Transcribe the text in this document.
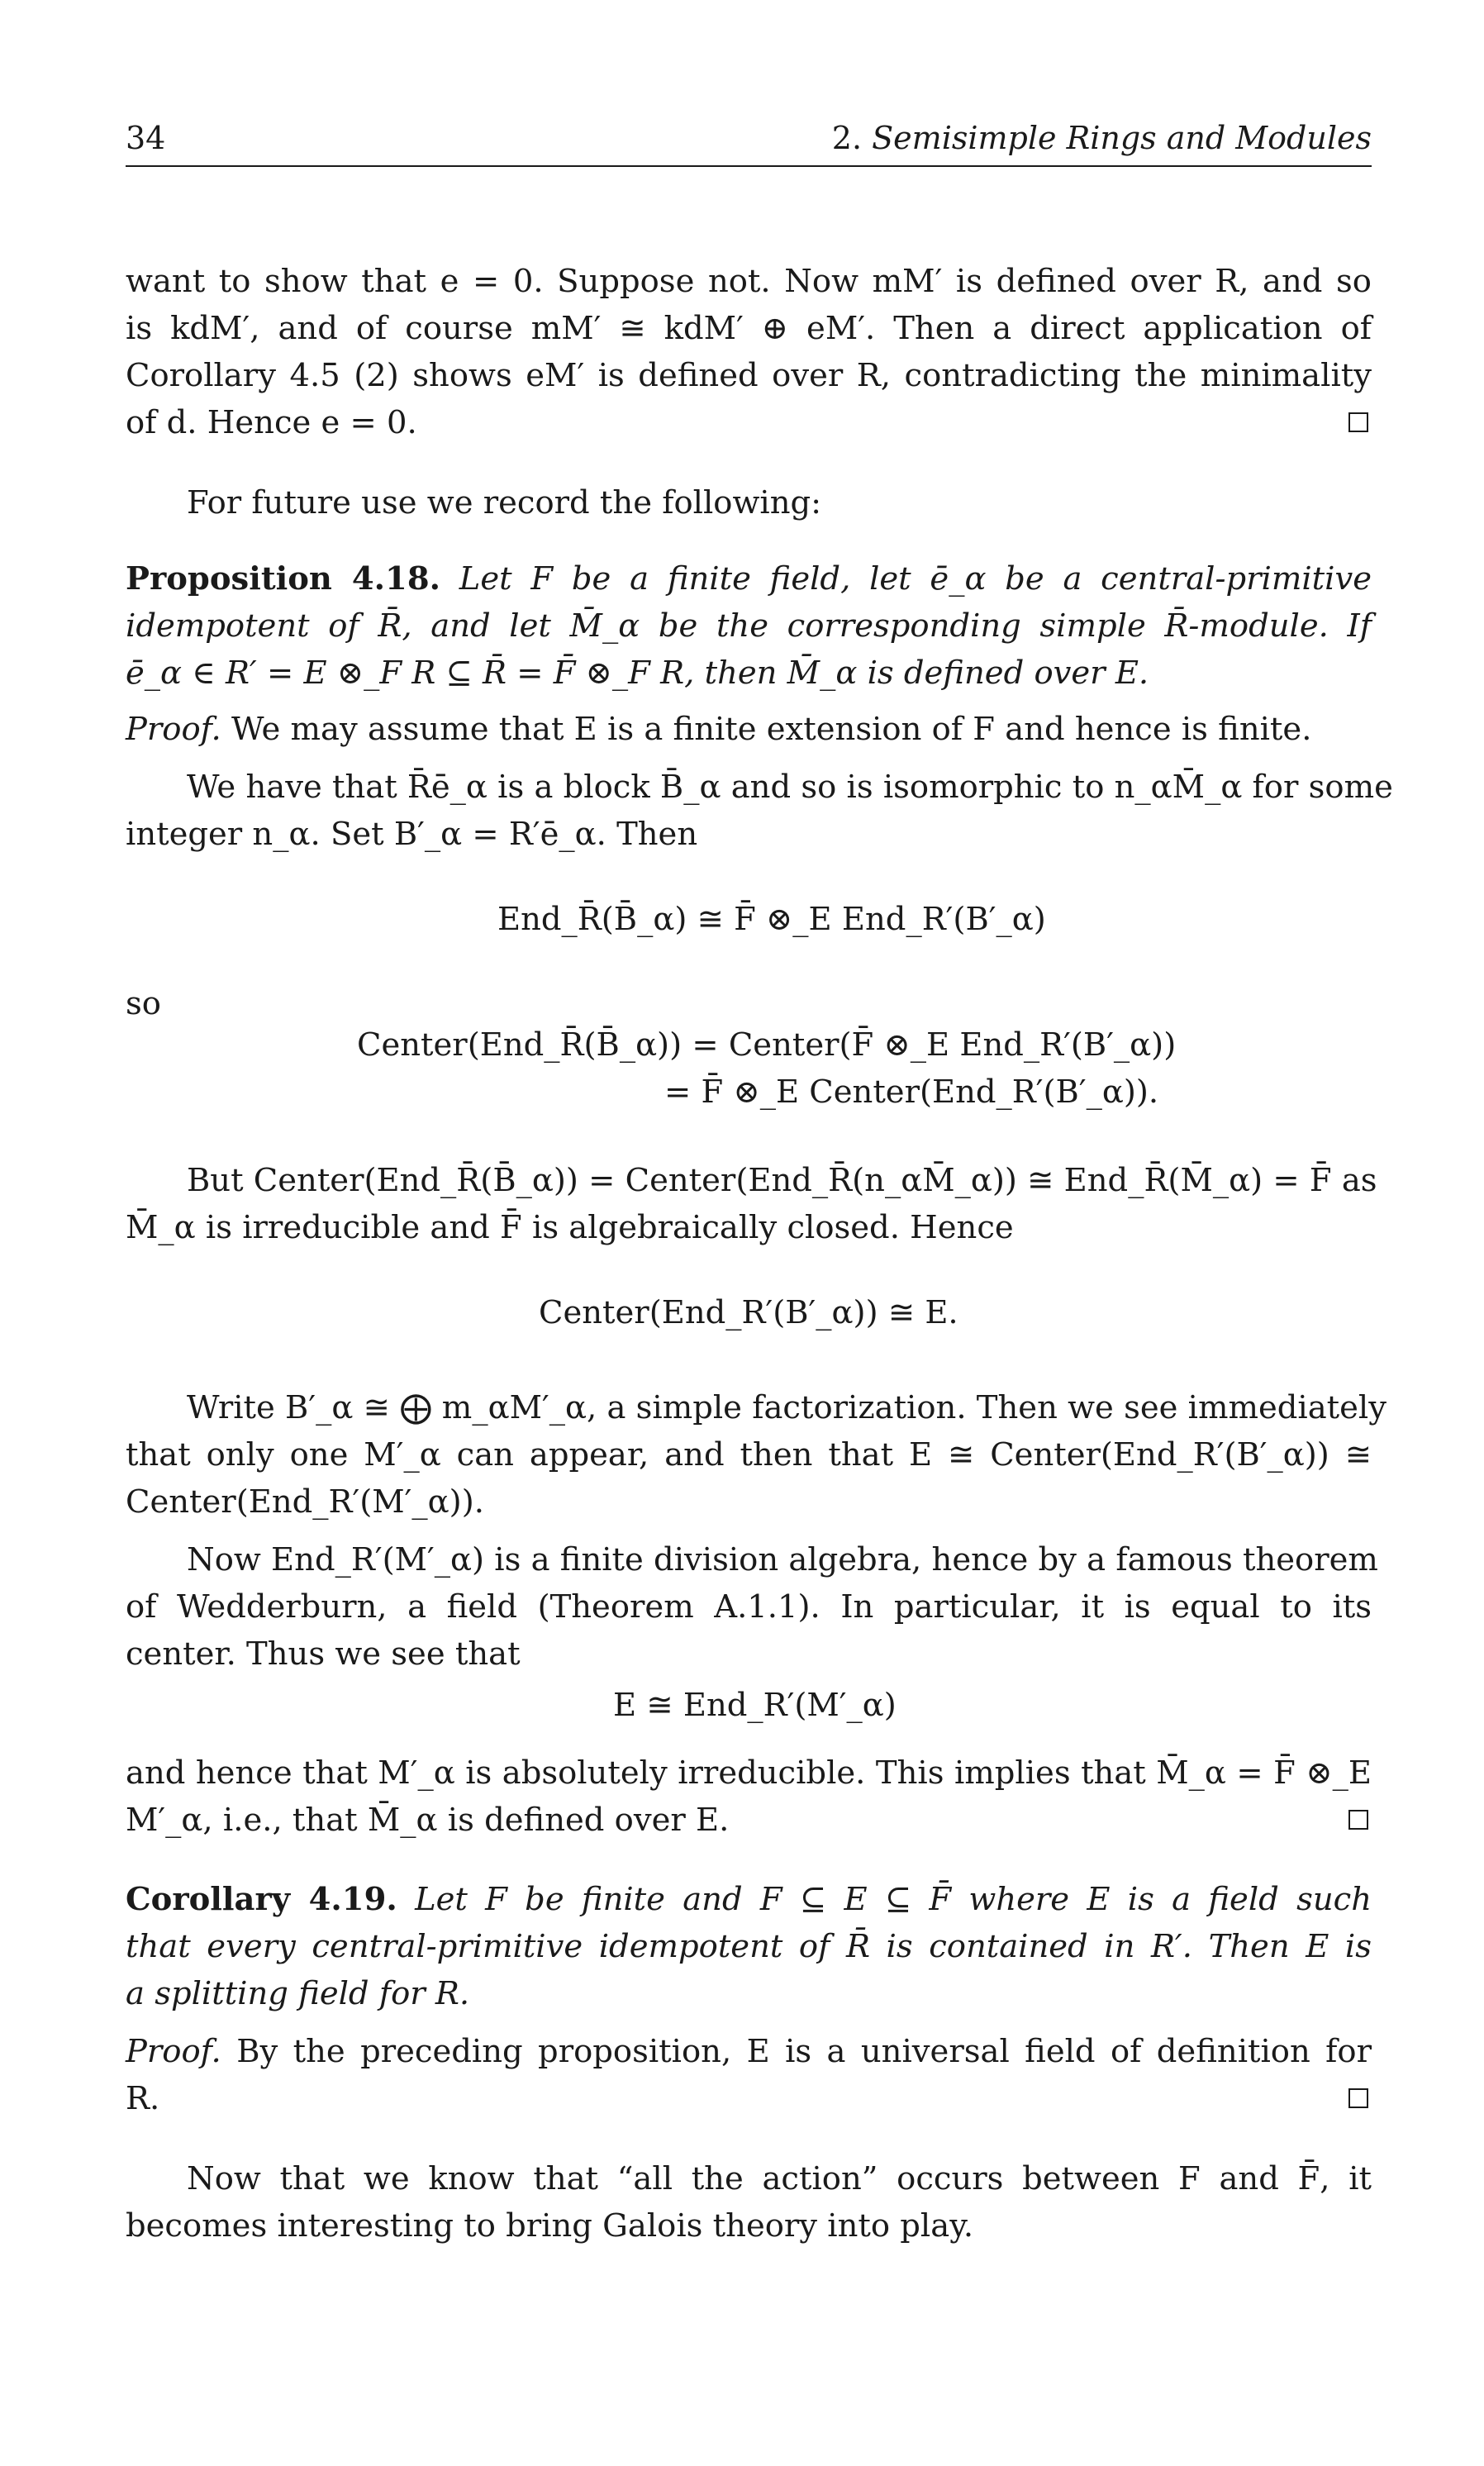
34	2. Semisimple Rings and Modules
want to show that e = 0. Suppose not. Now mM′ is defined over R, and so
is kdM′, and of course mM′ ≅ kdM′ ⊕ eM′. Then a direct application of
Corollary 4.5 (2) shows eM′ is defined over R, contradicting the minimality
of d. Hence e = 0.
For future use we record the following:
Proposition 4.18. Let F be a finite field, let ē_α be a central-primitive
idempotent of R̄, and let M̄_α be the corresponding simple R̄-module. If
ē_α ∈ R′ = E ⊗_F R ⊆ R̄ = F̄ ⊗_F R, then M̄_α is defined over E.
Proof. We may assume that E is a finite extension of F and hence is finite.
We have that R̄ē_α is a block B̄_α and so is isomorphic to n_αM̄_α for some
integer n_α. Set B′_α = R′ē_α. Then
End_R̄(B̄_α) ≅ F̄ ⊗_E End_R′(B′_α)
so
Center(End_R̄(B̄_α)) = Center(F̄ ⊗_E End_R′(B′_α))
= F̄ ⊗_E Center(End_R′(B′_α)).
But Center(End_R̄(B̄_α)) = Center(End_R̄(n_αM̄_α)) ≅ End_R̄(M̄_α) = F̄ as
M̄_α is irreducible and F̄ is algebraically closed. Hence
Center(End_R′(B′_α)) ≅ E.
Write B′_α ≅ ⨁ m_αM′_α, a simple factorization. Then we see immediately
that only one M′_α can appear, and then that E ≅ Center(End_R′(B′_α)) ≅
Center(End_R′(M′_α)).
Now End_R′(M′_α) is a finite division algebra, hence by a famous theorem
of Wedderburn, a field (Theorem A.1.1). In particular, it is equal to its
center. Thus we see that
E ≅ End_R′(M′_α)
and hence that M′_α is absolutely irreducible. This implies that M̄_α = F̄ ⊗_E
M′_α, i.e., that M̄_α is defined over E.
Corollary 4.19. Let F be finite and F ⊆ E ⊆ F̄ where E is a field such
that every central-primitive idempotent of R̄ is contained in R′. Then E is
a splitting field for R.
Proof. By the preceding proposition, E is a universal field of definition for
R.
Now that we know that “all the action” occurs between F and F̄, it
becomes interesting to bring Galois theory into play.
